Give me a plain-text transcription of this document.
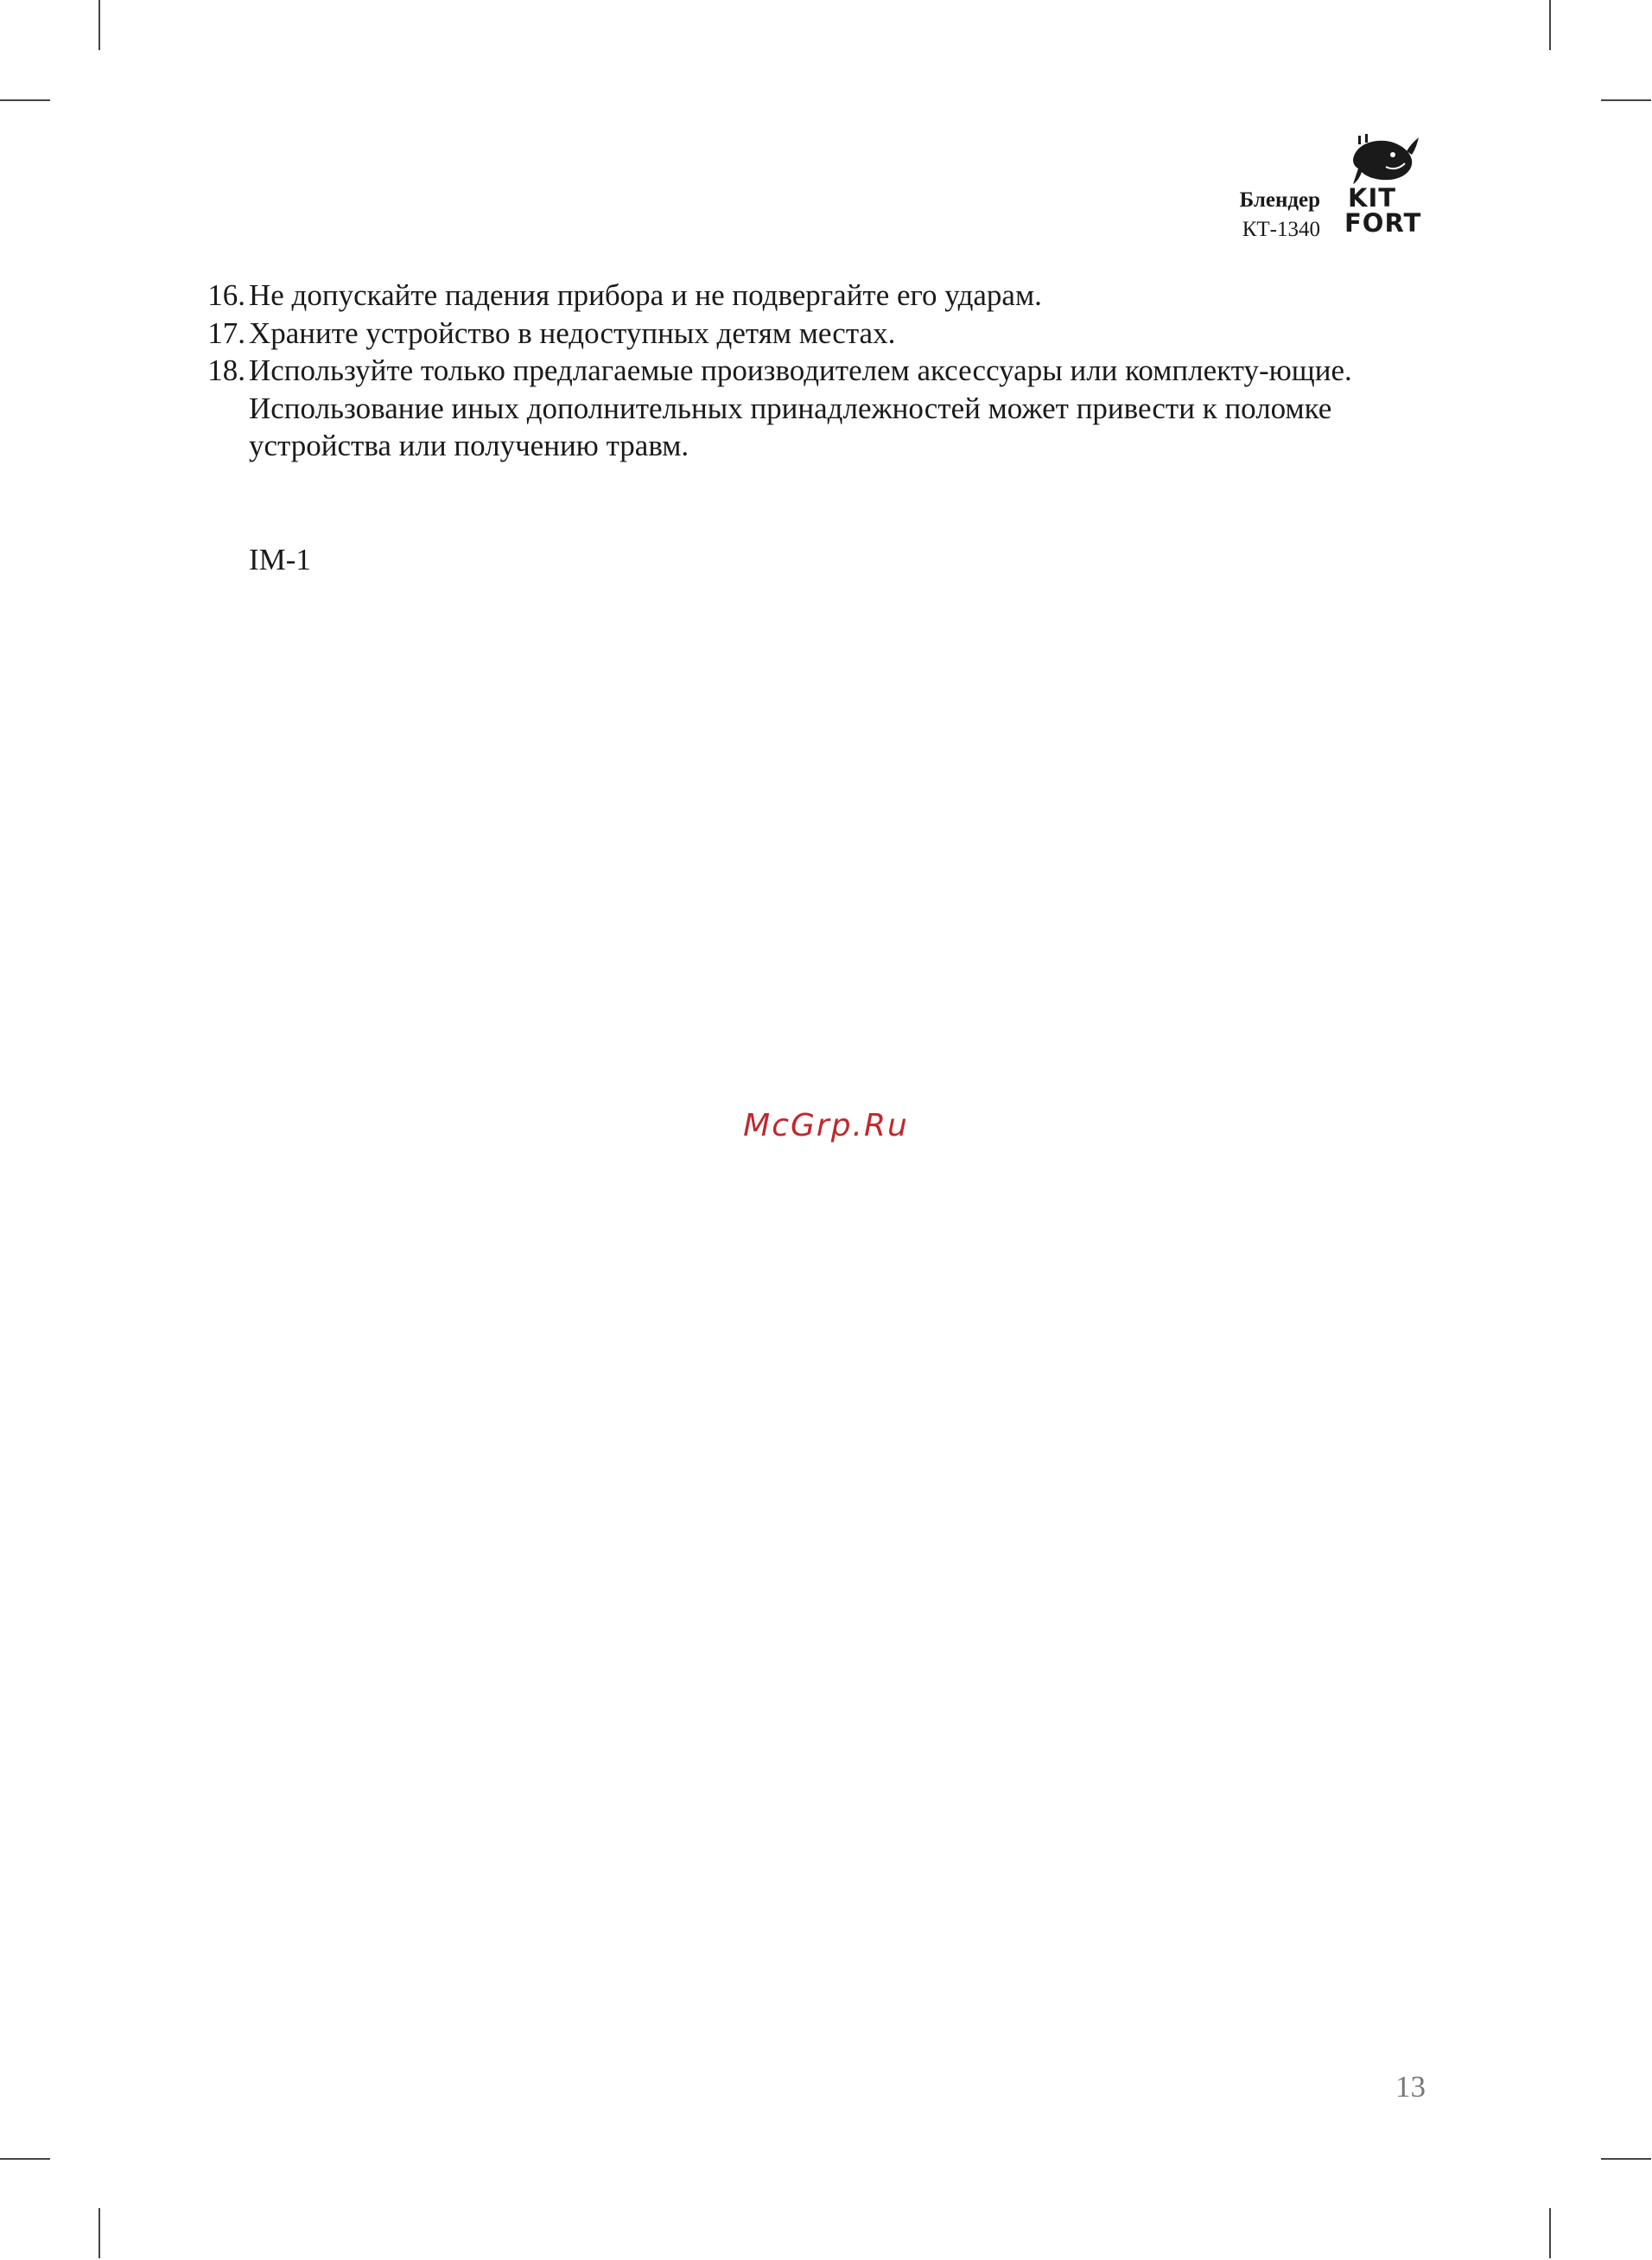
Блендер
КТ-1340
KIT
FORT
16. Не допускайте падения прибора и не подвергайте его ударам.
17. Храните устройство в недоступных детям местах.
18. Используйте только предлагаемые производителем аксессуары или комплекту-ющие. Использование иных дополнительных принадлежностей может привести к поломке устройства или получению травм.
IM-1
McGrp.Ru
13
